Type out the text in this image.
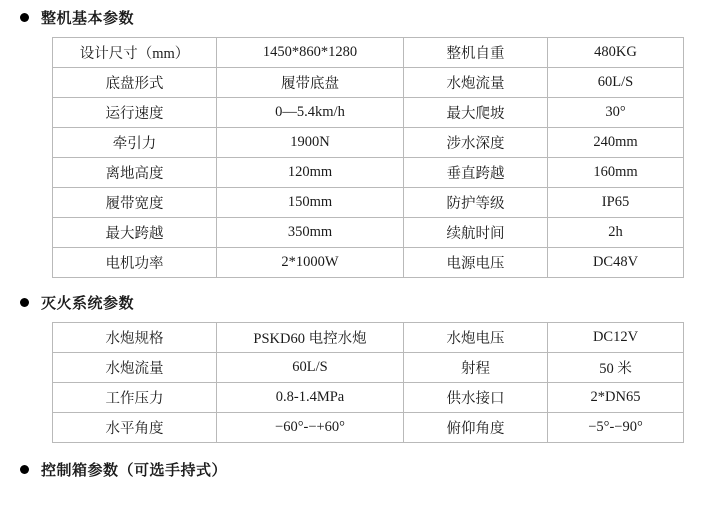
整机基本参数
设计尺寸（mm）	1450*860*1280	整机自重	480KG
底盘形式	履带底盘	水炮流量	60L/S
运行速度	0—5.4km/h	最大爬坡	30°
牵引力	1900N	涉水深度	240mm
离地高度	120mm	垂直跨越	160mm
履带宽度	150mm	防护等级	IP65
最大跨越	350mm	续航时间	2h
电机功率	2*1000W	电源电压	DC48V
灭火系统参数
水炮规格	PSKD60 电控水炮	水炮电压	DC12V
水炮流量	60L/S	射程	50 米
工作压力	0.8-1.4MPa	供水接口	2*DN65
水平角度	−60°‐−+60°	俯仰角度	−5°‐−90°
控制箱参数（可选手持式）
